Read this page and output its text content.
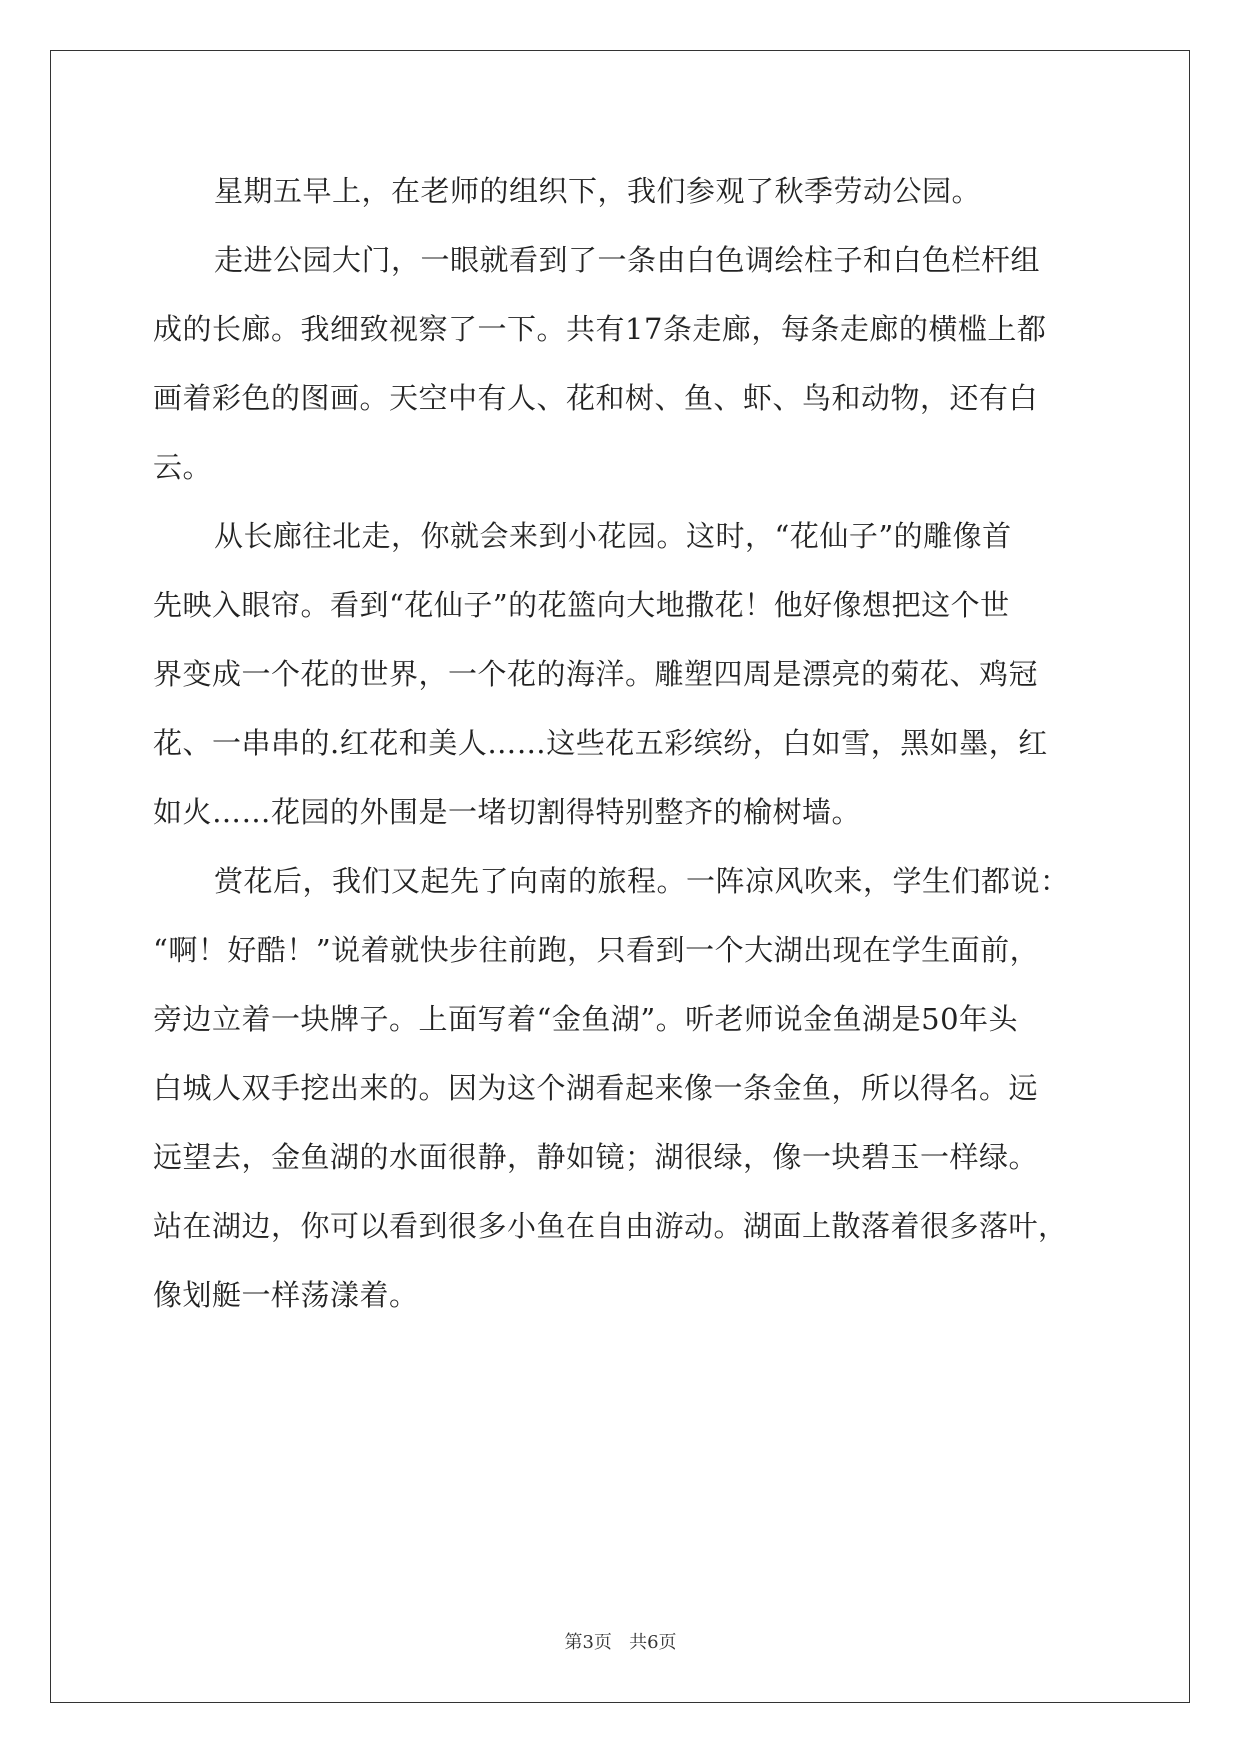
星期五早上，在老师的组织下，我们参观了秋季劳动公园。
走进公园大门，一眼就看到了一条由白色调绘柱子和白色栏杆组
成的长廊。我细致视察了一下。共有17条走廊，每条走廊的横槛上都
画着彩色的图画。天空中有人、花和树、鱼、虾、鸟和动物，还有白
云。
从长廊往北走，你就会来到小花园。这时，“花仙子”的雕像首
先映入眼帘。看到“花仙子”的花篮向大地撒花！他好像想把这个世
界变成一个花的世界，一个花的海洋。雕塑四周是漂亮的菊花、鸡冠
花、一串串的.红花和美人……这些花五彩缤纷，白如雪，黑如墨，红
如火……花园的外围是一堵切割得特别整齐的榆树墙。
赏花后，我们又起先了向南的旅程。一阵凉风吹来，学生们都说：
“啊！好酷！”说着就快步往前跑，只看到一个大湖出现在学生面前，
旁边立着一块牌子。上面写着“金鱼湖”。听老师说金鱼湖是50年头
白城人双手挖出来的。因为这个湖看起来像一条金鱼，所以得名。远
远望去，金鱼湖的水面很静，静如镜；湖很绿，像一块碧玉一样绿。
站在湖边，你可以看到很多小鱼在自由游动。湖面上散落着很多落叶，
像划艇一样荡漾着。
第3页   共6页
